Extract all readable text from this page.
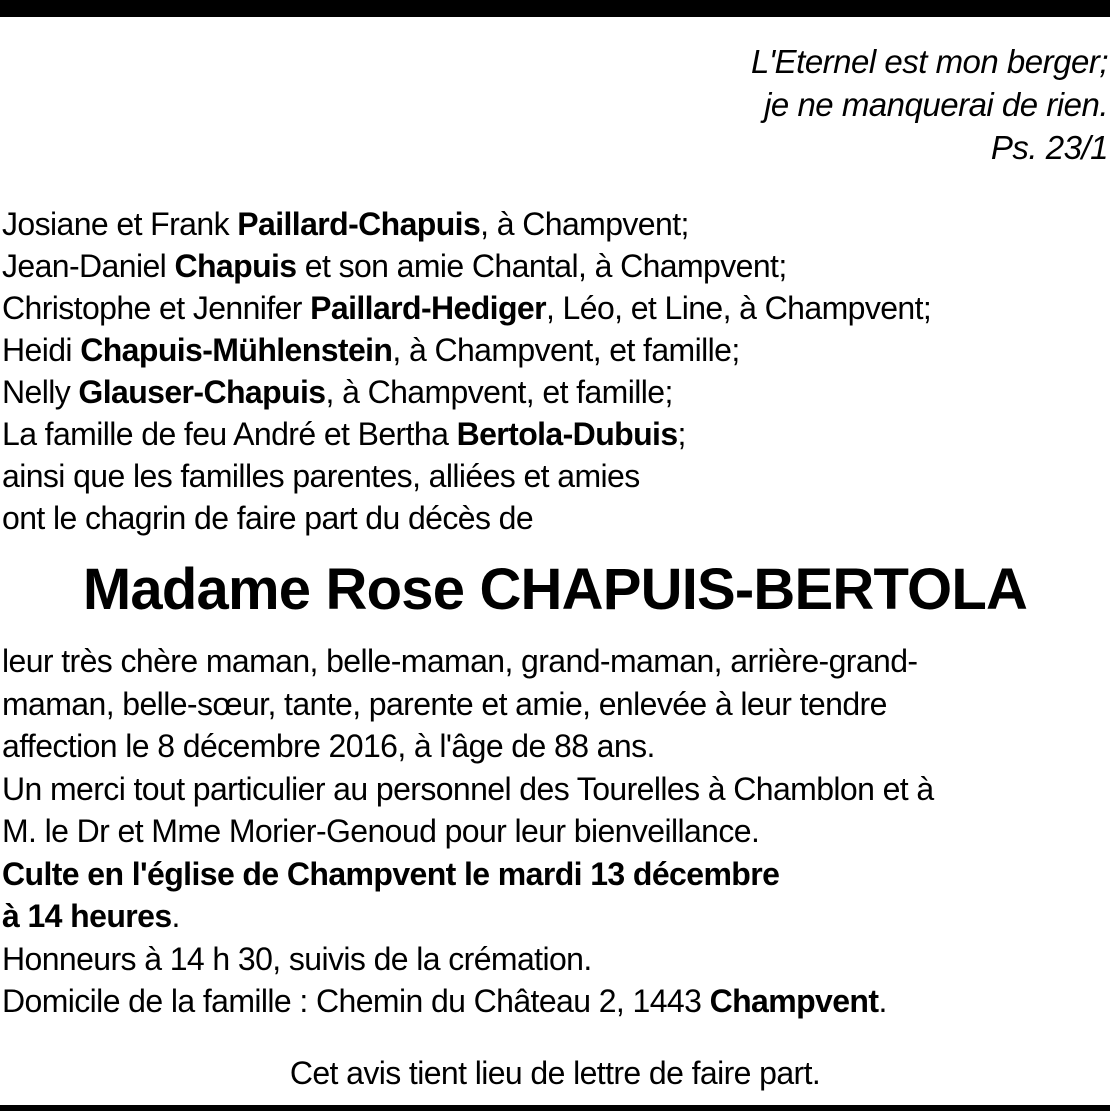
L'Eternel est mon berger;
je ne manquerai de rien.
Ps. 23/1
Josiane et Frank Paillard-Chapuis, à Champvent;
Jean-Daniel Chapuis et son amie Chantal, à Champvent;
Christophe et Jennifer Paillard-Hediger, Léo, et Line, à Champvent;
Heidi Chapuis-Mühlenstein, à Champvent, et famille;
Nelly Glauser-Chapuis, à Champvent, et famille;
La famille de feu André et Bertha Bertola-Dubuis;
ainsi que les familles parentes, alliées et amies
ont le chagrin de faire part du décès de
Madame Rose CHAPUIS-BERTOLA
leur très chère maman, belle-maman, grand-maman, arrière-grand-
maman, belle-sœur, tante, parente et amie, enlevée à leur tendre
affection le 8 décembre 2016, à l'âge de 88 ans.
Un merci tout particulier au personnel des Tourelles à Chamblon et à
M. le Dr et Mme Morier-Genoud pour leur bienveillance.
Culte en l'église de Champvent le mardi 13 décembre
à 14 heures.
Honneurs à 14 h 30, suivis de la crémation.
Domicile de la famille : Chemin du Château 2, 1443 Champvent.
Cet avis tient lieu de lettre de faire part.
